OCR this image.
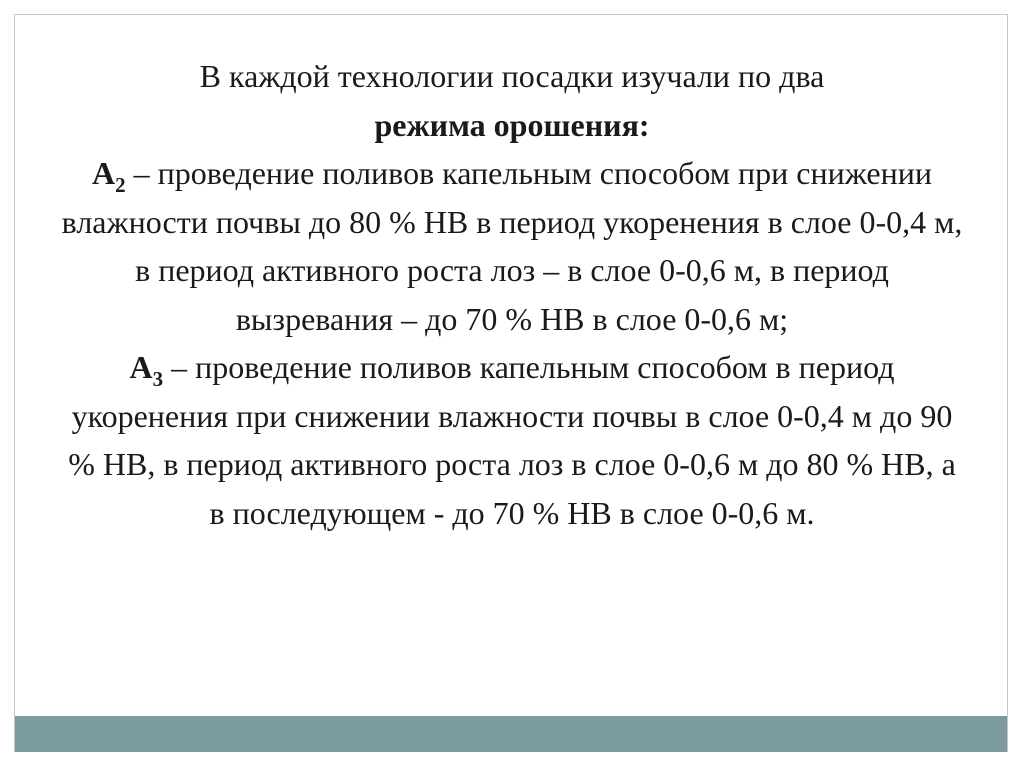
В каждой технологии посадки изучали по два

режима орошения:

$А_2$ – проведение поливов капельным способом при снижении влажности почвы до 80 % НВ в период укоренения в слое 0-0,4 м, в период активного роста лоз – в слое 0-0,6 м, в период вызревания – до 70 % НВ в слое 0-0,6 м;

$А_3$ – проведение поливов капельным способом в период укоренения при снижении влажности почвы в слое 0-0,4 м до 90 % НВ, в период активного роста лоз в слое 0-0,6 м до 80 % НВ, а в последующем - до 70 % НВ в слое 0-0,6 м.
